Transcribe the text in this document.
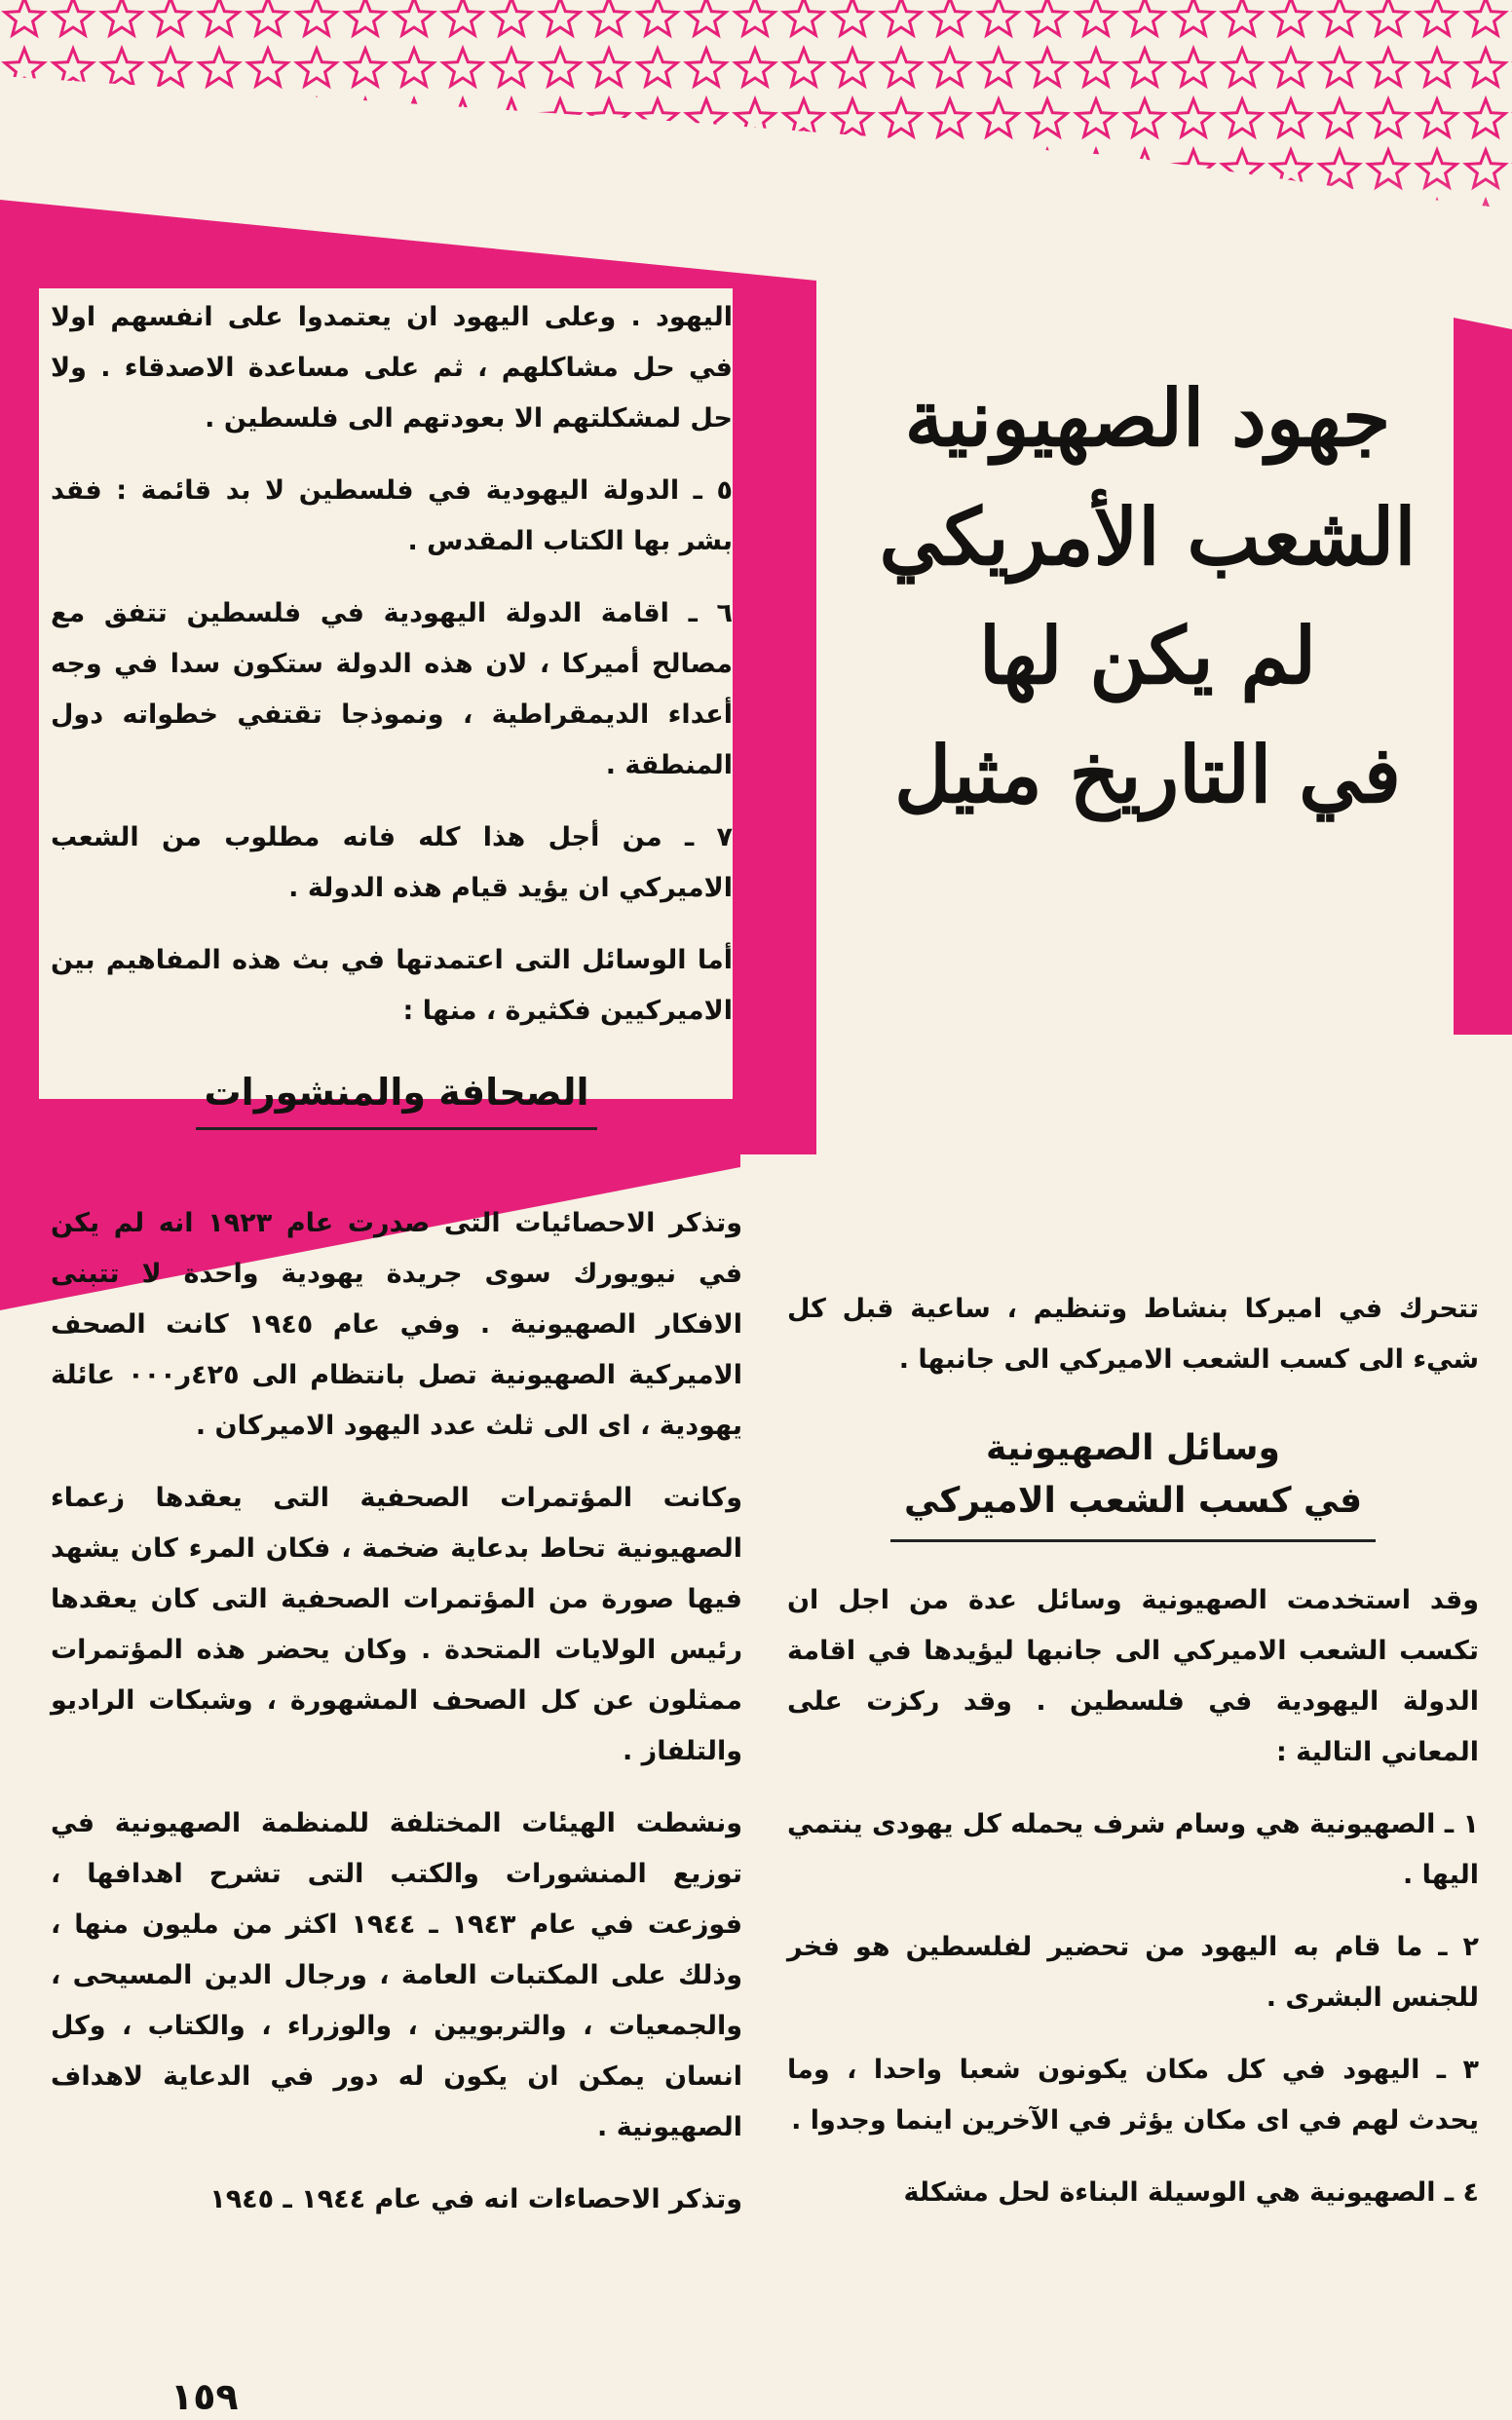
جهود الصهيونية
الشعب الأمريكي
لم يكن لها
في التاريخ مثيل

اليهود . وعلى اليهود ان يعتمدوا على انفسهم اولا في حل مشاكلهم ، ثم على مساعدة الاصدقاء . ولا حل لمشكلتهم الا بعودتهم الى فلسطين .

٥ ـ الدولة اليهودية في فلسطين لا بد قائمة : فقد بشر بها الكتاب المقدس .

٦ ـ اقامة الدولة اليهودية في فلسطين تتفق مع مصالح أميركا ، لان هذه الدولة ستكون سدا في وجه أعداء الديمقراطية ، ونموذجا تقتفي خطواته دول المنطقة .

٧ ـ من أجل هذا كله فانه مطلوب من الشعب الاميركي ان يؤيد قيام هذه الدولة .

أما الوسائل التى اعتمدتها في بث هذه المفاهيم بين الاميركيين فكثيرة ، منها :

الصحافة والمنشورات

وتذكر الاحصائيات التى صدرت عام ١٩٢٣ انه لم يكن في نيويورك سوى جريدة يهودية واحدة لا تتبنى الافكار الصهيونية . وفي عام ١٩٤٥ كانت الصحف الاميركية الصهيونية تصل بانتظام الى ٤٢٥ر٠٠٠ عائلة يهودية ، اى الى ثلث عدد اليهود الاميركان .

وكانت المؤتمرات الصحفية التى يعقدها زعماء الصهيونية تحاط بدعاية ضخمة ، فكان المرء كان يشهد فيها صورة من المؤتمرات الصحفية التى كان يعقدها رئيس الولايات المتحدة . وكان يحضر هذه المؤتمرات ممثلون عن كل الصحف المشهورة ، وشبكات الراديو والتلفاز .

ونشطت الهيئات المختلفة للمنظمة الصهيونية في توزيع المنشورات والكتب التى تشرح اهدافها ، فوزعت في عام ١٩٤٣ ـ ١٩٤٤ اكثر من مليون منها ، وذلك على المكتبات العامة ، ورجال الدين المسيحى ، والجمعيات ، والتربويين ، والوزراء ، والكتاب ، وكل انسان يمكن ان يكون له دور في الدعاية لاهداف الصهيونية .

وتذكر الاحصاءات انه في عام ١٩٤٤ ـ ١٩٤٥

تتحرك في اميركا بنشاط وتنظيم ، ساعية قبل كل شيء الى كسب الشعب الاميركي الى جانبها .

وسائل الصهيونية
في كسب الشعب الاميركي

وقد استخدمت الصهيونية وسائل عدة من اجل ان تكسب الشعب الاميركي الى جانبها ليؤيدها في اقامة الدولة اليهودية في فلسطين . وقد ركزت على المعاني التالية :

١ ـ الصهيونية هي وسام شرف يحمله كل يهودى ينتمي اليها .

٢ ـ ما قام به اليهود من تحضير لفلسطين هو فخر للجنس البشرى .

٣ ـ اليهود في كل مكان يكونون شعبا واحدا ، وما يحدث لهم في اى مكان يؤثر في الآخرين اينما وجدوا .

٤ ـ الصهيونية هي الوسيلة البناءة لحل مشكلة

١٥٩
